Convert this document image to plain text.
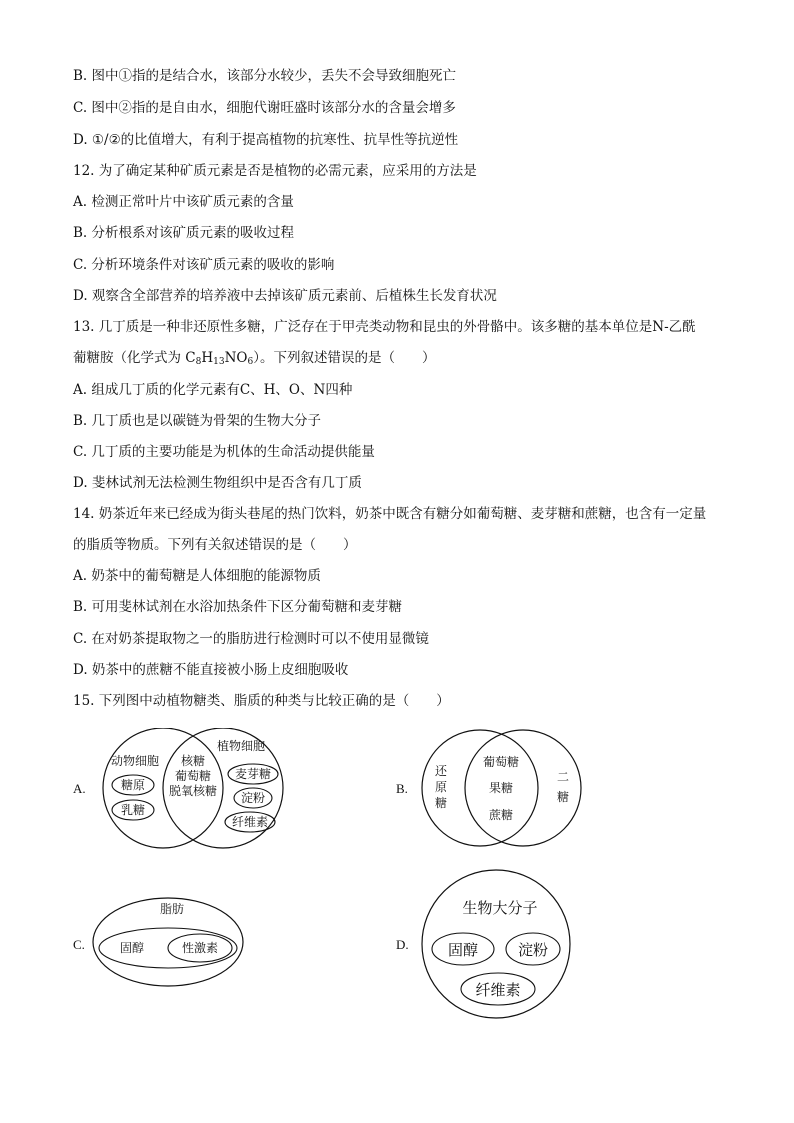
B. 图中①指的是结合水，该部分水较少，丢失不会导致细胞死亡
C. 图中②指的是自由水，细胞代谢旺盛时该部分水的含量会增多
D. ①/②的比值增大，有利于提高植物的抗寒性、抗旱性等抗逆性
12. 为了确定某种矿质元素是否是植物的必需元素，应采用的方法是
A. 检测正常叶片中该矿质元素的含量
B. 分析根系对该矿质元素的吸收过程
C. 分析环境条件对该矿质元素的吸收的影响
D. 观察含全部营养的培养液中去掉该矿质元素前、后植株生长发育状况
13. 几丁质是一种非还原性多糖，广泛存在于甲壳类动物和昆虫的外骨骼中。该多糖的基本单位是N-乙酰
葡糖胺（化学式为 $C_8H_{13}NO_6$）。下列叙述错误的是（　　）
A. 组成几丁质的化学元素有C、H、O、N四种
B. 几丁质也是以碳链为骨架的生物大分子
C. 几丁质的主要功能是为机体的生命活动提供能量
D. 斐林试剂无法检测生物组织中是否含有几丁质
14. 奶茶近年来已经成为街头巷尾的热门饮料，奶茶中既含有糖分如葡萄糖、麦芽糖和蔗糖，也含有一定量
的脂质等物质。下列有关叙述错误的是（　　）
A. 奶茶中的葡萄糖是人体细胞的能源物质
B. 可用斐林试剂在水浴加热条件下区分葡萄糖和麦芽糖
C. 在对奶茶提取物之一的脂肪进行检测时可以不使用显微镜
D. 奶茶中的蔗糖不能直接被小肠上皮细胞吸收
15. 下列图中动植物糖类、脂质的种类与比较正确的是（　　）
A.	B.
C.	D.
动物细胞
植物细胞
糖原
乳糖
核糖
葡萄糖
脱氧核糖
麦芽糖
淀粉
纤维素
还
原
糖
二
糖
葡萄糖
果糖
蔗糖
脂肪
固醇	性激素
生物大分子
固醇	淀粉
纤维素
